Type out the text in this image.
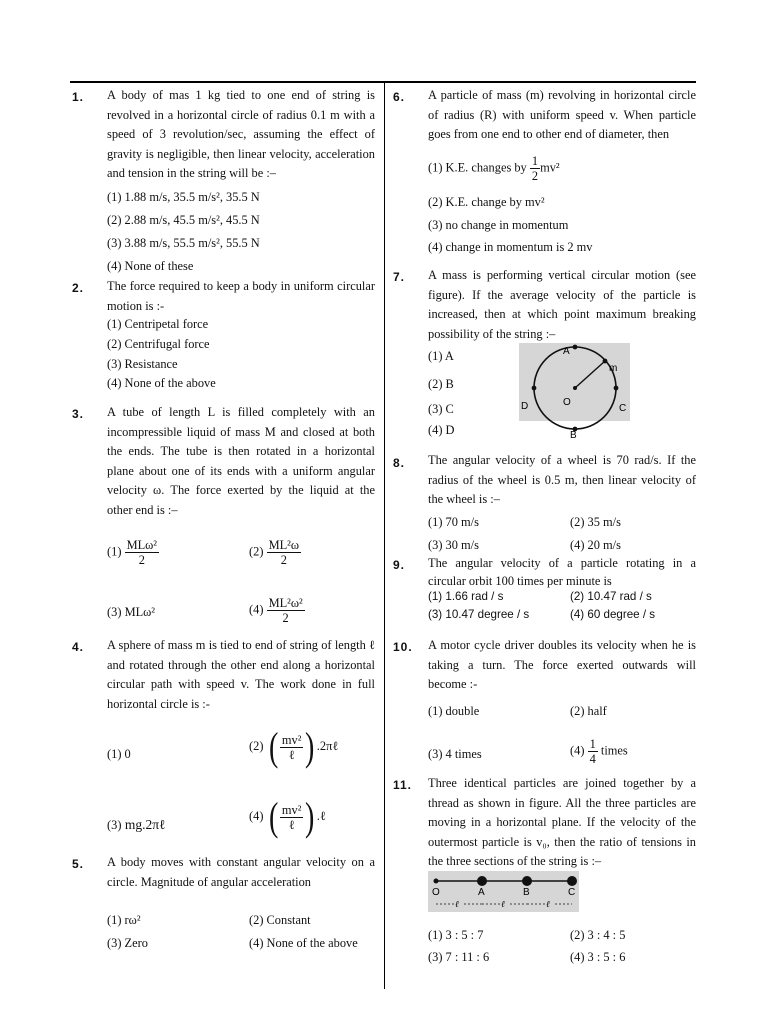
1. A body of mas 1 kg tied to one end of string is revolved in a horizontal circle of radius 0.1 m with a speed of 3 revolution/sec, assuming the effect of gravity is negligible, then linear velocity, acceleration and tension in the string will be :–
(1) 1.88 m/s, 35.5 m/s², 35.5 N
(2) 2.88 m/s, 45.5 m/s², 45.5 N
(3) 3.88 m/s, 55.5 m/s², 55.5 N
(4) None of these
2. The force required to keep a body in uniform circular motion is :-
(1) Centripetal force
(2) Centrifugal force
(3) Resistance
(4) None of the above
3. A tube of length L is filled completely with an incompressible liquid of mass M and closed at both the ends. The tube is then rotated in a horizontal plane about one of its ends with a uniform angular velocity ω. The force exerted by the liquid at the other end is :–
$(1) \frac{\text{MLω²}}{2}$	$(2) \frac{\text{ML²ω}}{2}$
(3) MLω²	$(4) \frac{\text{ML²ω²}}{2}$
4. A sphere of mass m is tied to end of string of length ℓ and rotated through the other end along a horizontal circular path with speed v. The work done in full horizontal circle is :-
(1) 0
(2) ( $\frac{\text{mv²}}{\text{ℓ}}$ ) .2πℓ
(3) mg.2πℓ
(4) ( $\frac{\text{mv²}}{\text{ℓ}}$ ) .ℓ
5. A body moves with constant angular velocity on a circle. Magnitude of angular acceleration
(1) rω²	(2) Constant
(3) Zero	(4) None of the above
6. A particle of mass (m) revolving in horizontal circle of radius (R) with uniform speed v. When particle goes from one end to other end of diameter, then
(1) K.E. changes by $\frac{1}{2} mv^2$
(2) K.E. change by mv²
(3) no change in momentum
(4) change in momentum is 2 mv
7. A mass is performing vertical circular motion (see figure). If the average velocity of the particle is increased, then at which point maximum breaking possibility of the string :–
(1) A
(2) B
(3) C
(4) D
A
B
C
D	O
m
8. The angular velocity of a wheel is 70 rad/s. If the radius of the wheel is 0.5 m, then linear velocity of the wheel is :–
(1) 70 m/s	(2) 35 m/s
(3) 30 m/s	(4) 20 m/s
9. The angular velocity of a particle rotating in a circular orbit 100 times per minute is
(1) 1.66 rad / s	(2) 10.47 rad / s
(3) 10.47 degree / s	(4) 60 degree / s
10. A motor cycle driver doubles its velocity when he is taking a turn. The force exerted outwards will become :-
(1) double	(2) half
(3) 4 times	$(4) \frac{1}{4}$ times
11. Three identical particles are joined together by a thread as shown in figure. All the three particles are moving in a horizontal plane. If the velocity of the outermost particle is v₀, then the ratio of tensions in the three sections of the string is :–
O	A	B	C
ℓ	ℓ	ℓ
(1) 3 : 5 : 7	(2) 3 : 4 : 5
(3) 7 : 11 : 6	(4) 3 : 5 : 6
